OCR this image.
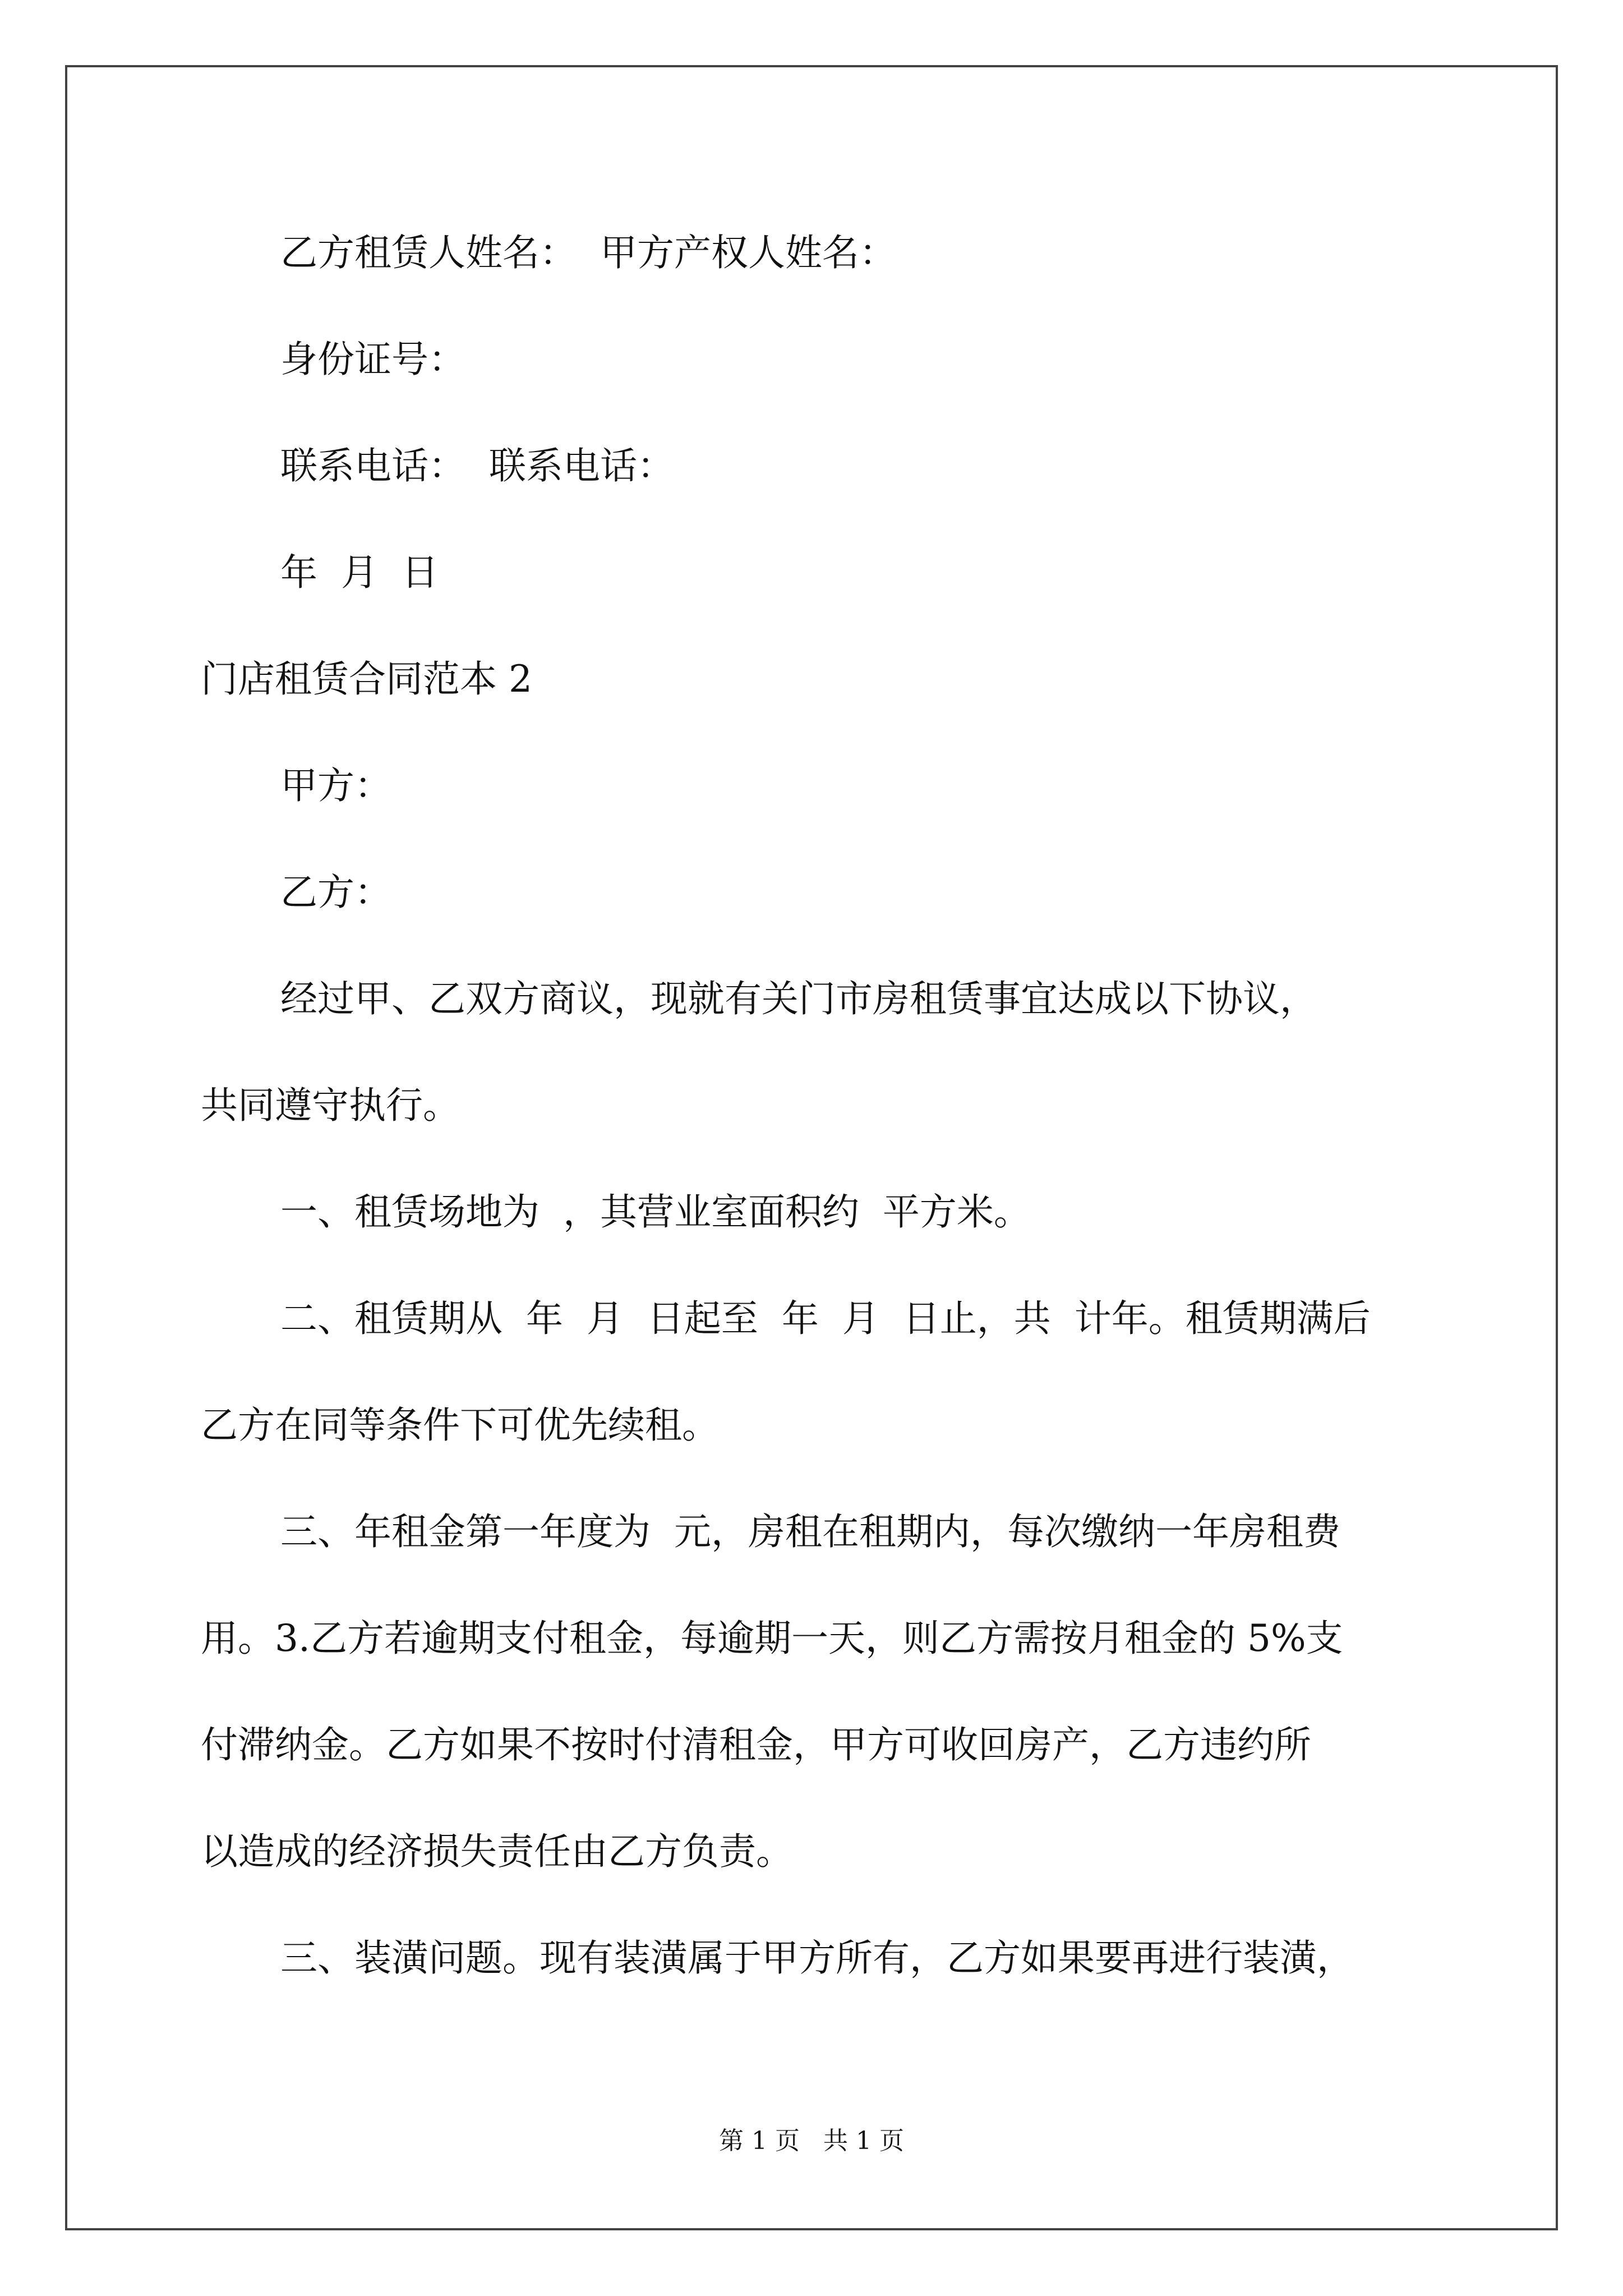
乙方租赁人姓名：  甲方产权人姓名：

身份证号：

联系电话：  联系电话：

年  月  日

门店租赁合同范本 2

甲方：

乙方：

经过甲、乙双方商议，现就有关门市房租赁事宜达成以下协议，

共同遵守执行。

一、租赁场地为  ，其营业室面积约  平方米。

二、租赁期从  年  月  日起至  年  月  日止，共  计年。租赁期满后

乙方在同等条件下可优先续租。

三、年租金第一年度为  元，房租在租期内，每次缴纳一年房租费

用。3.乙方若逾期支付租金，每逾期一天，则乙方需按月租金的 5%支

付滞纳金。乙方如果不按时付清租金，甲方可收回房产，乙方违约所

以造成的经济损失责任由乙方负责。

三、装潢问题。现有装潢属于甲方所有，乙方如果要再进行装潢，

第 1 页   共 1 页
